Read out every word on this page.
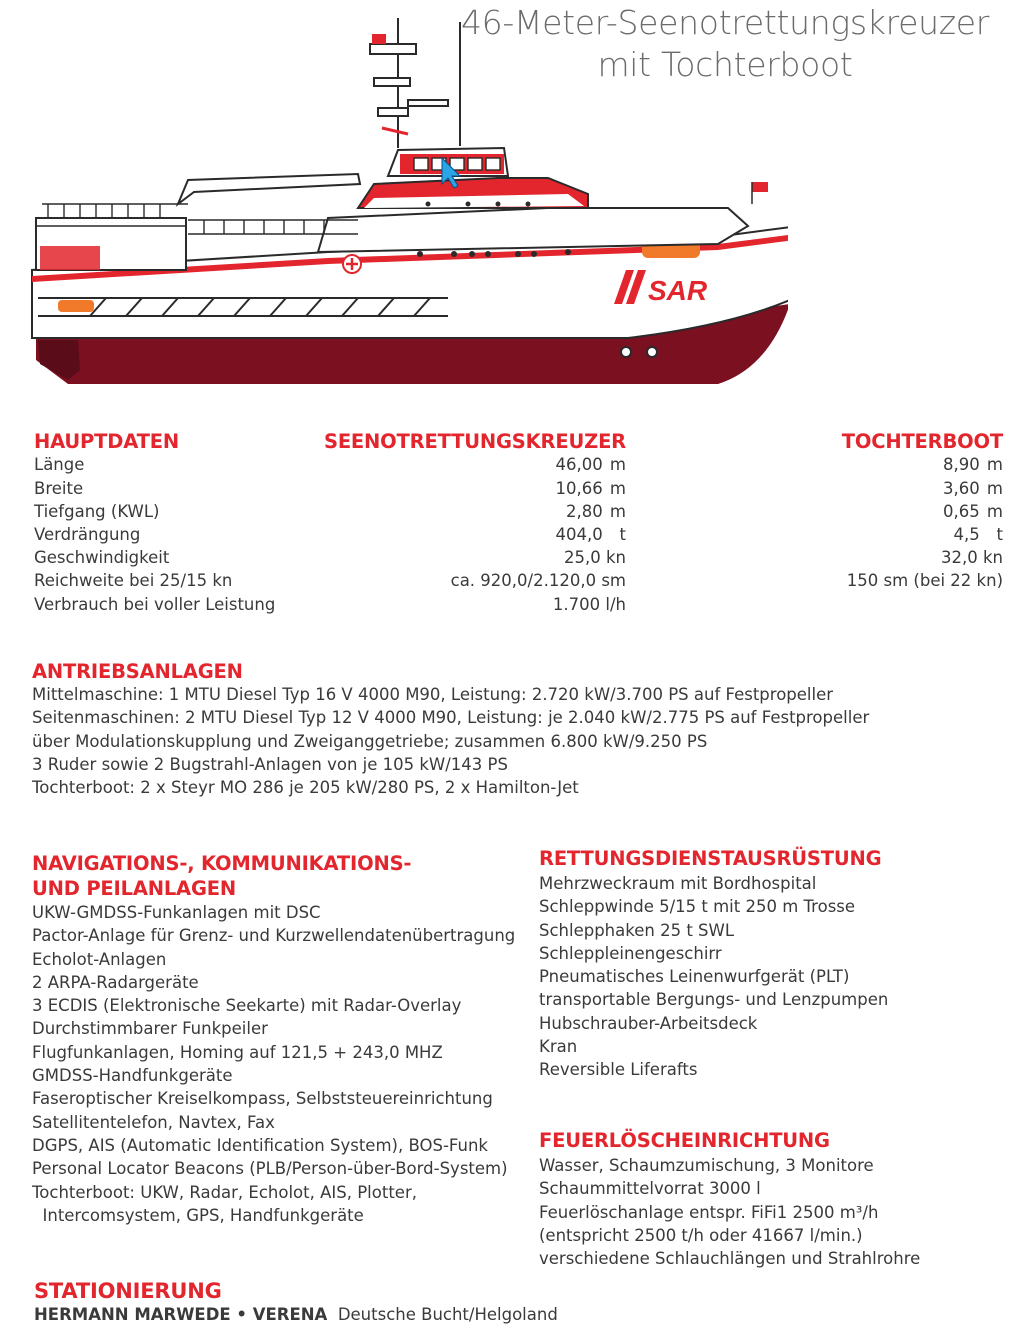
46-Meter-Seenotrettungskreuzer
mit Tochterboot
SAR
HAUPTDATEN	SEENOTRETTUNGSKREUZER	TOCHTERBOOT
Länge	46,00 m	8,90 m
Breite	10,66 m	3,60 m
Tiefgang (KWL)	2,80 m	0,65 m
Verdrängung	404,0 t	4,5 t
Geschwindigkeit	25,0 kn	32,0 kn
Reichweite bei 25/15 kn	ca. 920,0/2.120,0 sm	150 sm (bei 22 kn)
Verbrauch bei voller Leistung	1.700 l/h
ANTRIEBSANLAGEN
Mittelmaschine: 1 MTU Diesel Typ 16 V 4000 M90, Leistung: 2.720 kW/3.700 PS auf Festpropeller
Seitenmaschinen: 2 MTU Diesel Typ 12 V 4000 M90, Leistung: je 2.040 kW/2.775 PS auf Festpropeller
über Modulationskupplung und Zweiganggetriebe; zusammen 6.800 kW/9.250 PS
3 Ruder sowie 2 Bugstrahl-Anlagen von je 105 kW/143 PS
Tochterboot: 2 x Steyr MO 286 je 205 kW/280 PS, 2 x Hamilton-Jet
NAVIGATIONS-, KOMMUNIKATIONS-
UND PEILANLAGEN
UKW-GMDSS-Funkanlagen mit DSC
Pactor-Anlage für Grenz- und Kurzwellendatenübertragung
Echolot-Anlagen
2 ARPA-Radargeräte
3 ECDIS (Elektronische Seekarte) mit Radar-Overlay
Durchstimmbarer Funkpeiler
Flugfunkanlagen, Homing auf 121,5 + 243,0 MHZ
GMDSS-Handfunkgeräte
Faseroptischer Kreiselkompass, Selbststeuereinrichtung
Satellitentelefon, Navtex, Fax
DGPS, AIS (Automatic Identification System), BOS-Funk
Personal Locator Beacons (PLB/Person-über-Bord-System)
Tochterboot: UKW, Radar, Echolot, AIS, Plotter,
Intercomsystem, GPS, Handfunkgeräte
RETTUNGSDIENSTAUSRÜSTUNG
Mehrzweckraum mit Bordhospital
Schleppwinde 5/15 t mit 250 m Trosse
Schlepphaken 25 t SWL
Schleppleinengeschirr
Pneumatisches Leinenwurfgerät (PLT)
transportable Bergungs- und Lenzpumpen
Hubschrauber-Arbeitsdeck
Kran
Reversible Liferafts
FEUERLÖSCHEINRICHTUNG
Wasser, Schaumzumischung, 3 Monitore
Schaummittelvorrat 3000 l
Feuerlöschanlage entspr. FiFi1 2500 m³/h
(entspricht 2500 t/h oder 41667 l/min.)
verschiedene Schlauchlängen und Strahlrohre
STATIONIERUNG
HERMANN MARWEDE • VERENA Deutsche Bucht/Helgoland
